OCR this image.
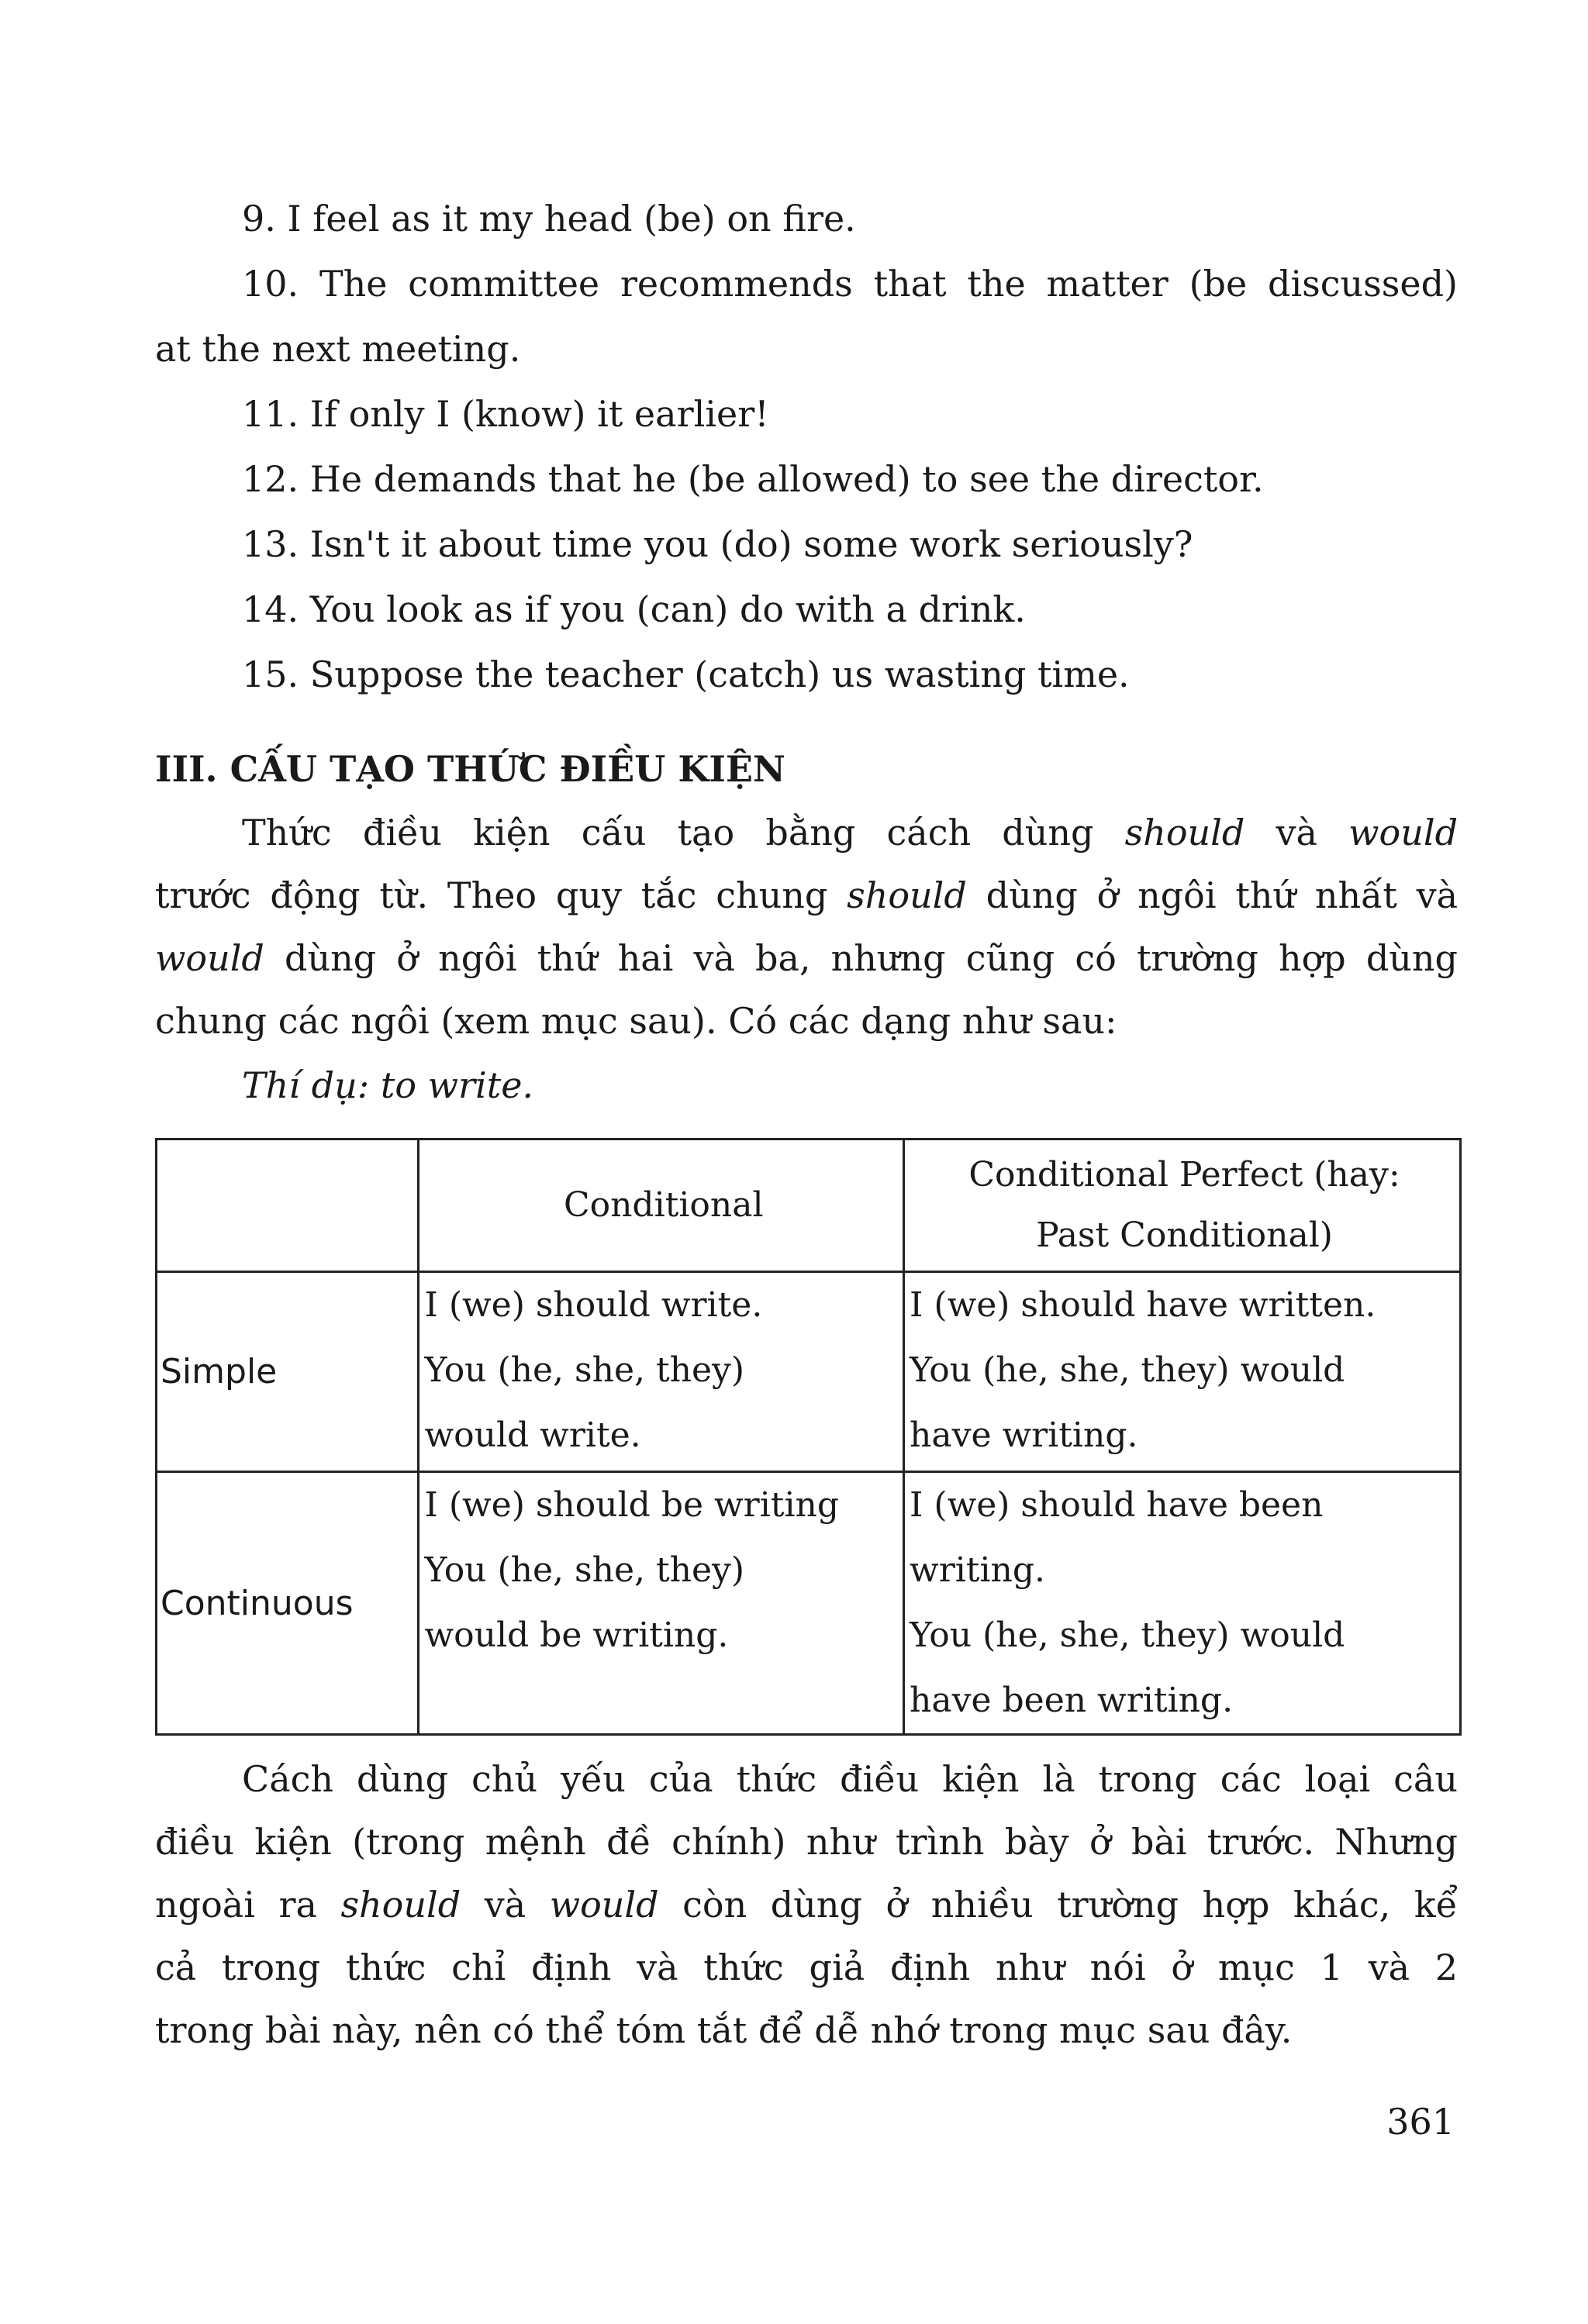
9. I feel as it my head (be) on fire.
10. The committee recommends that the matter (be discussed)
at the next meeting.
11. If only I (know) it earlier!
12. He demands that he (be allowed) to see the director.
13. Isn't it about time you (do) some work seriously?
14. You look as if you (can) do with a drink.
15. Suppose the teacher (catch) us wasting time.
III. CẤU TẠO THỨC ĐIỀU KIỆN
Thức điều kiện cấu tạo bằng cách dùng should và would
trước động từ. Theo quy tắc chung should dùng ở ngôi thứ nhất và
would dùng ở ngôi thứ hai và ba, nhưng cũng có trường hợp dùng
chung các ngôi (xem mục sau). Có các dạng như sau:
Thí dụ: to write.
	Conditional	Conditional Perfect (hay:
Past Conditional)

Simple	I (we) should write.
You (he, she, they)
would write.	I (we) should have written.
You (he, she, they) would
have writing.

Continuous	I (we) should be writing
You (he, she, they)
would be writing.	I (we) should have been
writing.
You (he, she, they) would
have been writing.
Cách dùng chủ yếu của thức điều kiện là trong các loại câu
điều kiện (trong mệnh đề chính) như trình bày ở bài trước. Nhưng
ngoài ra should và would còn dùng ở nhiều trường hợp khác, kể
cả trong thức chỉ định và thức giả định như nói ở mục 1 và 2
trong bài này, nên có thể tóm tắt để dễ nhớ trong mục sau đây.
361
